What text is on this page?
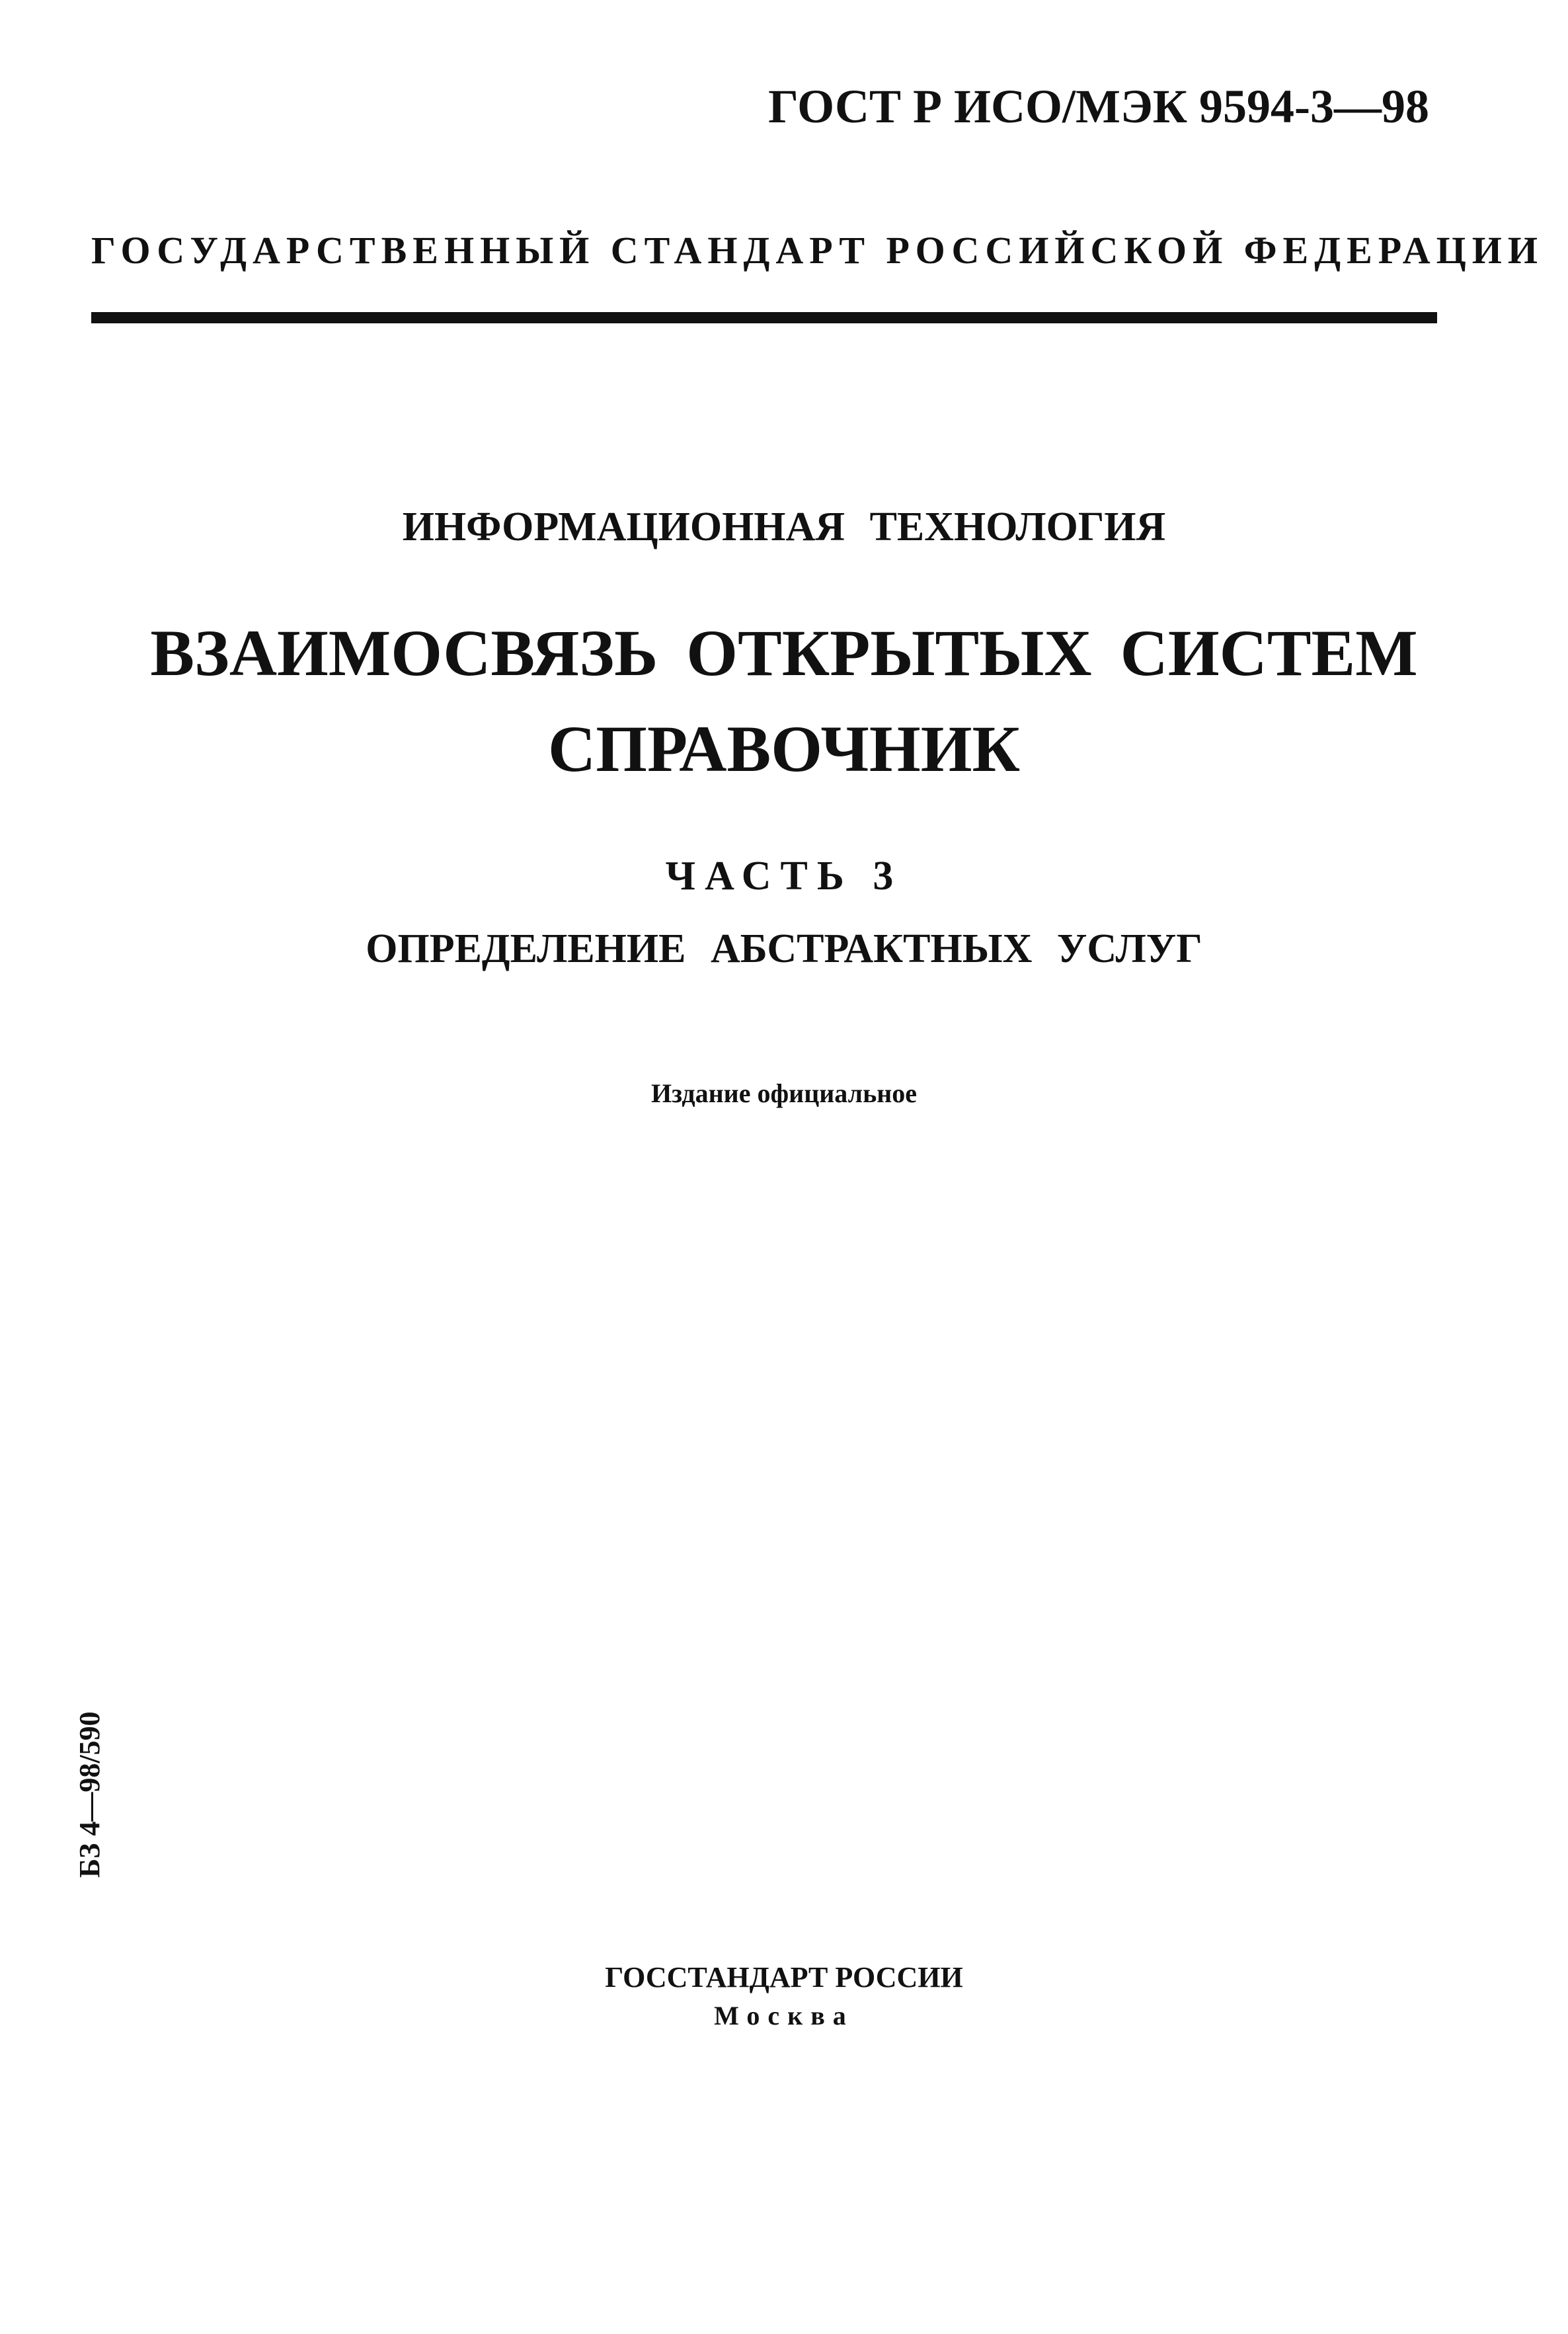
ГОСТ Р ИСО/МЭК 9594-3—98

ГОСУДАРСТВЕННЫЙ СТАНДАРТ РОССИЙСКОЙ ФЕДЕРАЦИИ

ИНФОРМАЦИОННАЯ ТЕХНОЛОГИЯ

ВЗАИМОСВЯЗЬ ОТКРЫТЫХ СИСТЕМ

СПРАВОЧНИК

ЧАСТЬ 3

ОПРЕДЕЛЕНИЕ АБСТРАКТНЫХ УСЛУГ

Издание официальное

БЗ 4—98/590

ГОССТАНДАРТ РОССИИ

Москва
